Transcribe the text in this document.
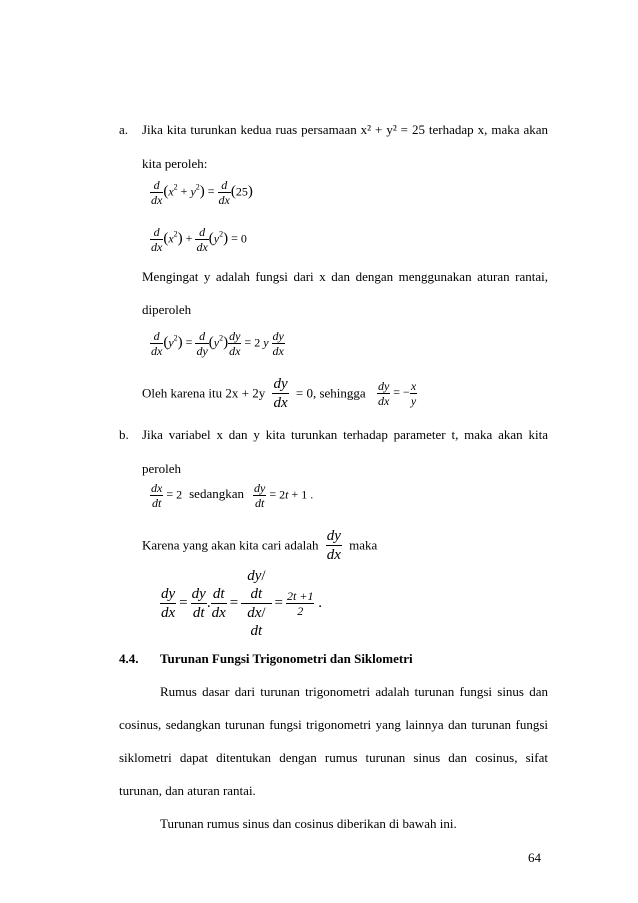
a. Jika kita turunkan kedua ruas persamaan x² + y² = 25 terhadap x, maka akan
kita peroleh:
$\frac{d}{dx} (x^2 + y^2) = \frac{d}{dx} (25)$
$\frac{d}{dx} (x^2) + \frac{d}{dx} (y^2) = 0$
Mengingat y adalah fungsi dari x dan dengan menggunakan aturan rantai,
diperoleh
$\frac{d}{dx} (y^2) = \frac{d}{dy} (y^2) \frac{dy}{dx} = 2$ y $\frac{dy}{dx}$
Oleh karena itu $2x + 2y \frac{dy}{dx} = 0$, sehingga $\frac{dy}{dx}$ = − $\frac{x}{y}$
b. Jika variabel x dan y kita turunkan terhadap parameter t, maka akan kita
peroleh
$\frac{dx}{dt} = 2$ sedangkan $\frac{dy}{dt} = 2t + 1$ .
Karena yang akan kita cari adalah $\frac{dy}{dx}$ maka
$\frac{dy}{dx} = \frac{dy}{dt}$ . $\frac{dt}{dx}$ =
dy/
dt
dx/
dt
= $\frac{2t +1}{2}$ .
4.4. Turunan Fungsi Trigonometri dan Siklometri
Rumus dasar dari turunan trigonometri adalah turunan fungsi sinus dan
cosinus, sedangkan turunan fungsi trigonometri yang lainnya dan turunan fungsi
siklometri dapat ditentukan dengan rumus turunan sinus dan cosinus, sifat
turunan, dan aturan rantai.
Turunan rumus sinus dan cosinus diberikan di bawah ini.
64
